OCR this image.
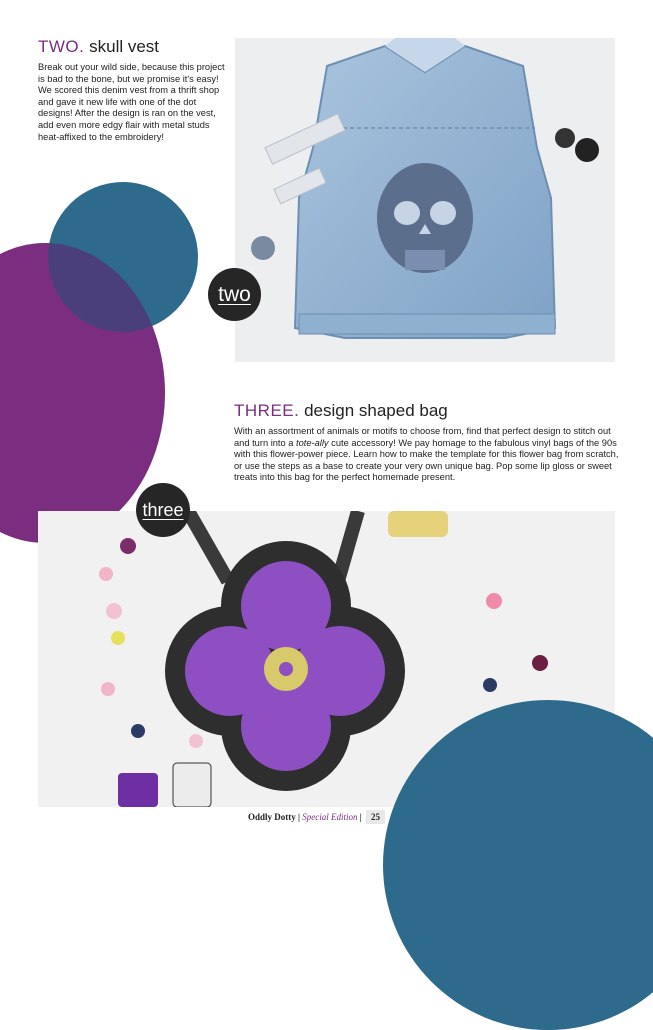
TWO. skull vest
Break out your wild side, because this project is bad to the bone, but we promise it's easy! We scored this denim vest from a thrift shop and gave it new life with one of the dot designs! After the design is ran on the vest, add even more edgy flair with metal studs heat-affixed to the embroidery!
two
THREE. design shaped bag
With an assortment of animals or motifs to choose from, find that perfect design to stitch out and turn into a tote-ally cute accessory! We pay homage to the fabulous vinyl bags of the 90s with this flower-power piece. Learn how to make the template for this flower bag from scratch, or use the steps as a base to create your very own unique bag. Pop some lip gloss or sweet treats into this bag for the perfect homemade present.
three
Oddly Dotty | Special Edition | 25
